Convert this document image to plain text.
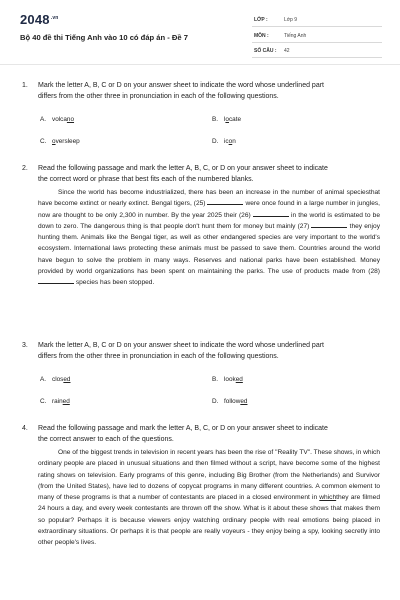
$2048^{.vn}$
Bộ 40 đề thi Tiếng Anh vào 10 có đáp án - Đề 7
LỚP :	Lớp 9
MÔN :	Tiếng Anh
SỐ CÂU : 42
1. Mark the letter A, B, C or D on your answer sheet to indicate the word whose underlined part
differs from the other three in pronunciation in each of the following questions.
A. volcano	B. locate
C. oversleep	D. icon
2. Read the following passage and mark the letter A, B, C, or D on your answer sheet to indicate
the correct word or phrase that best fits each of the numbered blanks.

Since the world has become industrialized, there has been an increase in the number of animal speciesthat have become extinct or nearly extinct. Bengal tigers, (25)	were once found in a large number in jungles, now are thought to be only 2,300 in number. By the year 2025 their (26)	in the world is estimated to be down to zero. The dangerous thing is that people don't hunt them for money but mainly (27)	they enjoy hunting them. Animals like the Bengal tiger, as well as other endangered species are very important to the world's ecosystem. International laws protecting these animals must be passed to save them. Countries around the world have begun to solve the problem in many ways. Reserves and national parks have been established. Money provided by world organizations has been spent on maintaining the parks. The use of products made from (28)  species has been stopped.

3. Mark the letter A, B, C or D on your answer sheet to indicate the word whose underlined part
differs from the other three in pronunciation in each of the following questions.
A. closed	B. looked
C. rained	D. followed
4. Read the following passage and mark the letter A, B, C, or D on your answer sheet to indicate
the correct answer to each of the questions.

One of the biggest trends in television in recent years has been the rise of "Reality TV". These shows, in which ordinary people are placed in unusual situations and then filmed without a script, have become some of the highest rating shows on television. Early programs of this genre, including Big Brother (from the Netherlands) and Survivor (from the United States), have led to dozens of copycat programs in many different countries. A common element to many of these programs is that a number of contestants are placed in a closed environment in whichthey are filmed 24 hours a day, and every week contestants are thrown off the show. What is it about these shows that makes them so popular? Perhaps it is because viewers enjoy watching ordinary people with real emotions being placed in extraordinary situations. Or perhaps it is that people are really voyeurs - they enjoy being a spy, looking secretly into other people's lives.
